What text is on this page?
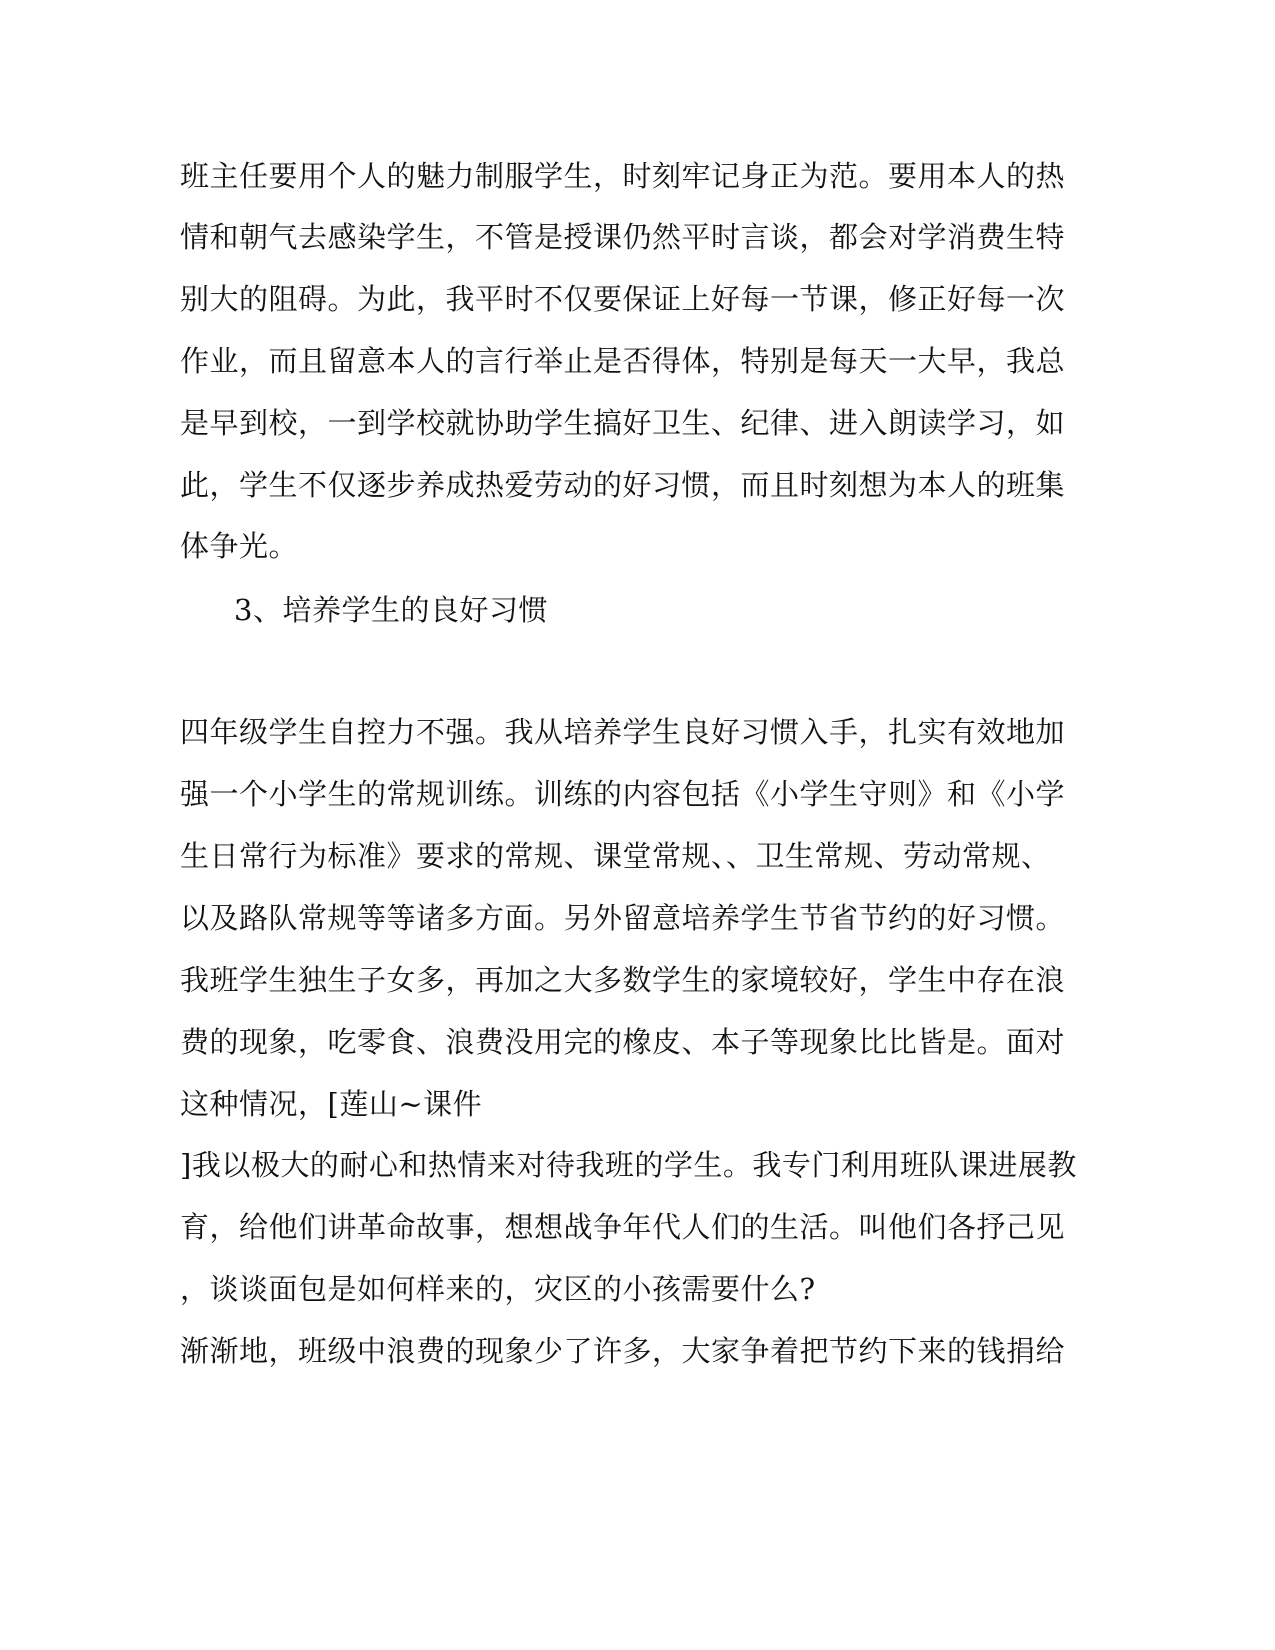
班主任要用个人的魅力制服学生，时刻牢记身正为范。要用本人的热
情和朝气去感染学生，不管是授课仍然平时言谈，都会对学消费生特
别大的阻碍。为此，我平时不仅要保证上好每一节课，修正好每一次
作业，而且留意本人的言行举止是否得体，特别是每天一大早，我总
是早到校，一到学校就协助学生搞好卫生、纪律、进入朗读学习，如
此，学生不仅逐步养成热爱劳动的好习惯，而且时刻想为本人的班集
体争光。
3、培养学生的良好习惯
四年级学生自控力不强。我从培养学生良好习惯入手，扎实有效地加
强一个小学生的常规训练。训练的内容包括《小学生守则》和《小学
生日常行为标准》要求的常规、课堂常规、、卫生常规、劳动常规、
以及路队常规等等诸多方面。另外留意培养学生节省节约的好习惯。
我班学生独生子女多，再加之大多数学生的家境较好，学生中存在浪
费的现象，吃零食、浪费没用完的橡皮、本子等现象比比皆是。面对
这种情况，[莲山~课件
]我以极大的耐心和热情来对待我班的学生。我专门利用班队课进展教
育，给他们讲革命故事，想想战争年代人们的生活。叫他们各抒己见
，谈谈面包是如何样来的，灾区的小孩需要什么?
渐渐地，班级中浪费的现象少了许多，大家争着把节约下来的钱捐给
